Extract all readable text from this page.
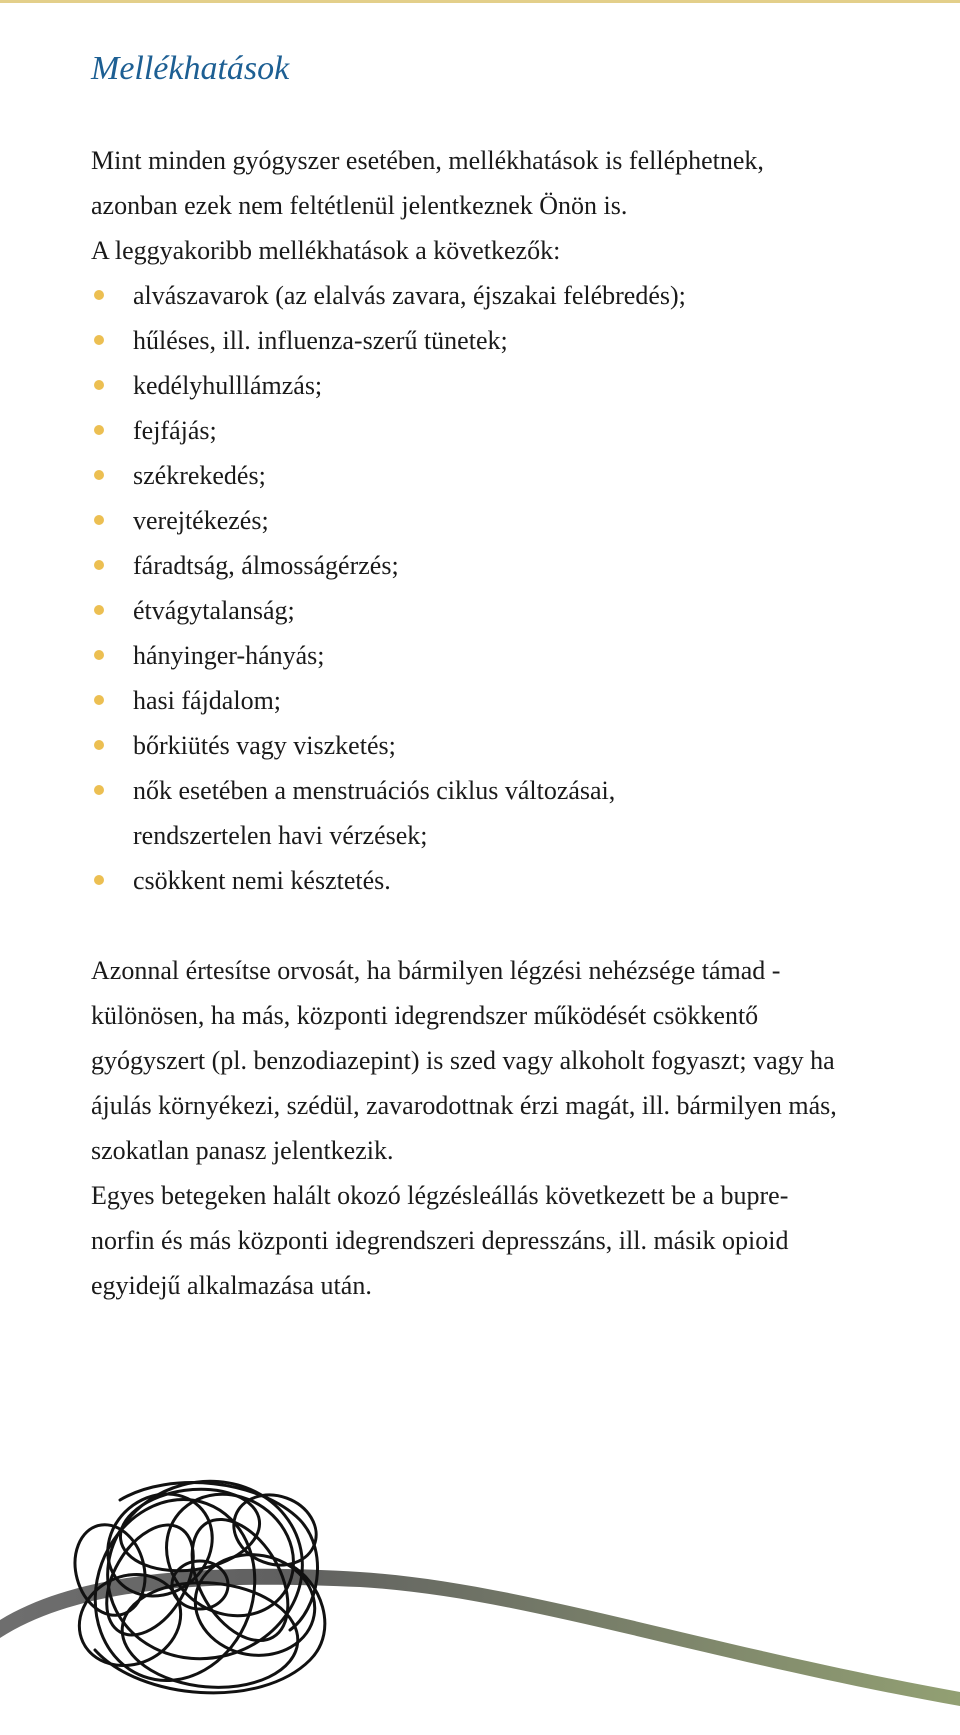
Mellékhatások

Mint minden gyógyszer esetében, mellékhatások is felléphetnek,

azonban ezek nem feltétlenül jelentkeznek Önön is.

A leggyakoribb mellékhatások a következők:

alvászavarok (az elalvás zavara, éjszakai felébredés);
hűléses, ill. influenza-szerű tünetek;
kedélyhulllámzás;
fejfájás;
székrekedés;
verejtékezés;
fáradtság, álmosságérzés;
étvágytalanság;
hányinger-hányás;
hasi fájdalom;
bőrkiütés vagy viszketés;
nők esetében a menstruációs ciklus változásai, rendszertelen havi vérzések;
csökkent nemi késztetés.

Azonnal értesítse orvosát, ha bármilyen légzési nehézsége támad - különösen, ha más, központi idegrendszer működését csökkentő gyógyszert (pl. benzodiazepint) is szed vagy alkoholt fogyaszt; vagy ha ájulás környékezi, szédül, zavarodottnak érzi magát, ill. bármilyen más, szokatlan panasz jelentkezik.

Egyes betegeken halált okozó légzésleállás következett be a bupre-norfin és más központi idegrendszeri depresszáns, ill. másik opioid egyidejű alkalmazása után.
